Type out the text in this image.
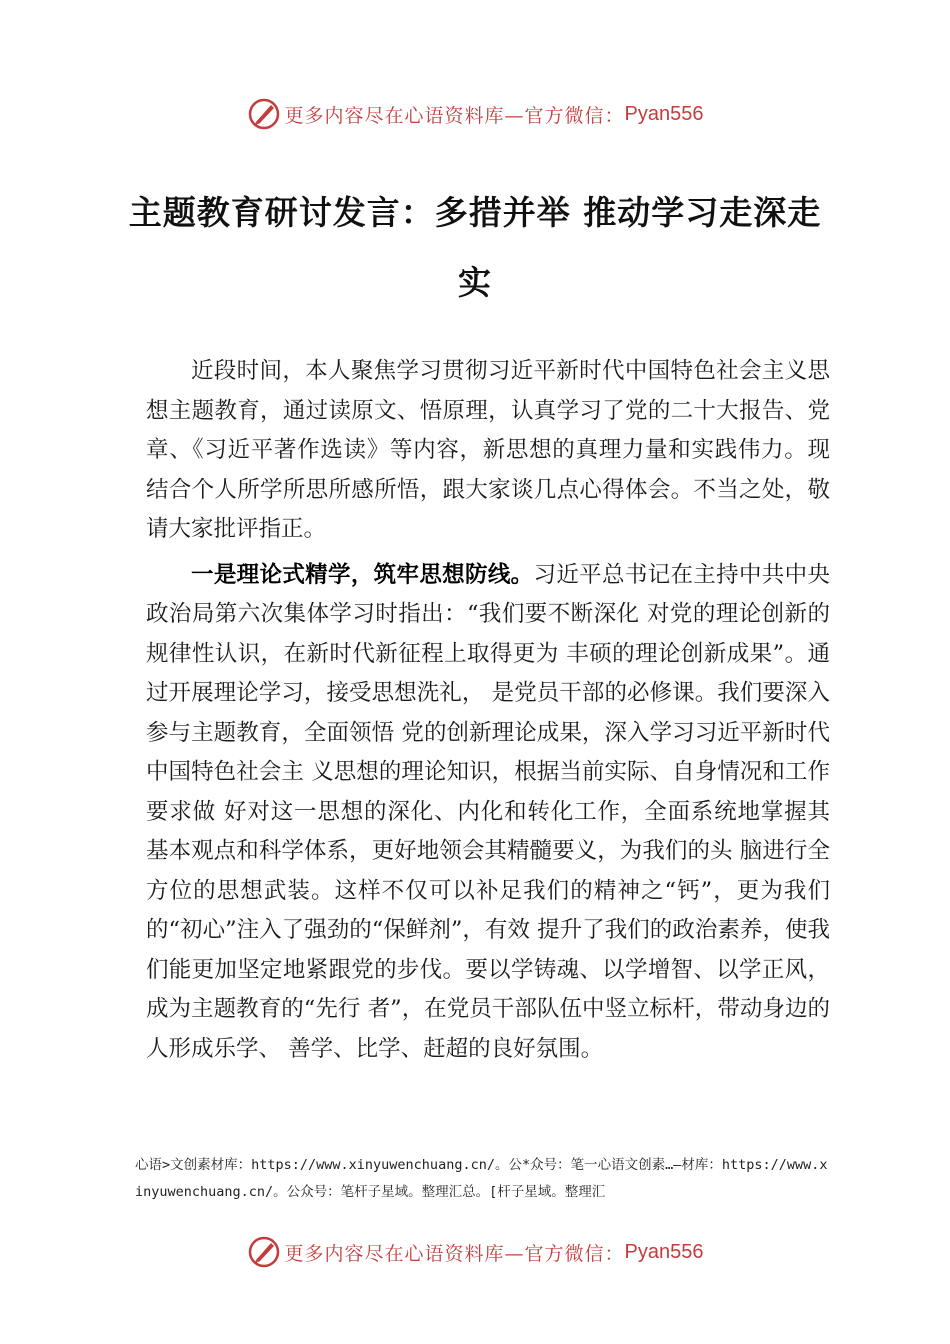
更多内容尽在心语资料库—官方微信： Pyan556
主题教育研讨发言：多措并举 推动学习走深走实

近段时间，本人聚焦学习贯彻习近平新时代中国特色社会主义思想主题教育，通过读原文、悟原理，认真学习了党的二十大报告、党章、《习近平著作选读》等内容，新思想的真理力量和实践伟力。现结合个人所学所思所感所悟，跟大家谈几点心得体会。不当之处，敬请大家批评指正。

一是理论式精学，筑牢思想防线。习近平总书记在主持中共中央政治局第六次集体学习时指出：“我们要不断深化 对党的理论创新的规律性认识，在新时代新征程上取得更为 丰硕的理论创新成果”。通过开展理论学习，接受思想洗礼， 是党员干部的必修课。我们要深入参与主题教育，全面领悟 党的创新理论成果，深入学习习近平新时代中国特色社会主 义思想的理论知识，根据当前实际、自身情况和工作要求做 好对这一思想的深化、内化和转化工作，全面系统地掌握其 基本观点和科学体系，更好地领会其精髓要义，为我们的头 脑进行全方位的思想武装。这样不仅可以补足我们的精神之“钙”，更为我们的“初心”注入了强劲的“保鲜剂”，有效 提升了我们的政治素养，使我们能更加坚定地紧跟党的步伐。要以学铸魂、以学增智、以学正风，成为主题教育的“先行 者”，在党员干部队伍中竖立标杆，带动身边的人形成乐学、 善学、比学、赶超的良好氛围。

心语>文创素材库：https://www.xinyuwenchuang.cn/。公*众号：笔一心语文创素…—材库：https://www.xinyuwenchuang.cn/。公众号：笔杆子星域。整理汇总。[杆子星域。整理汇
更多内容尽在心语资料库—官方微信： Pyan556
